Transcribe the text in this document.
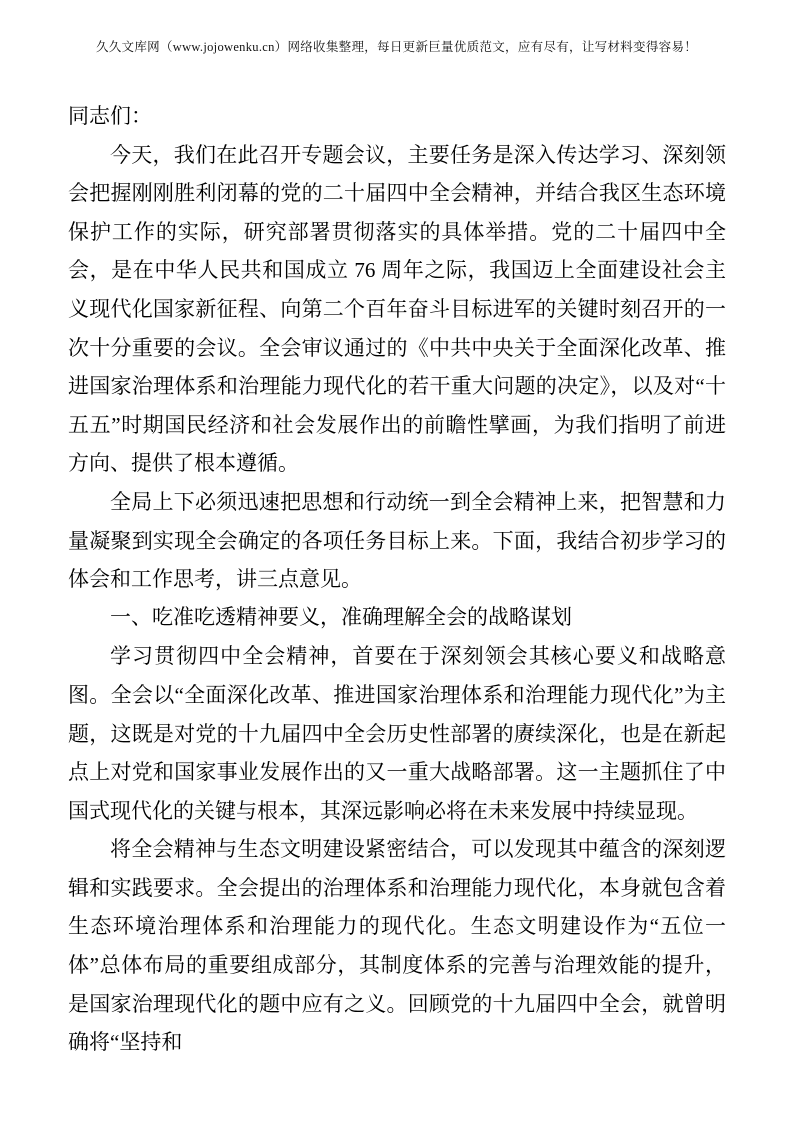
久久文库网（www.jojowenku.cn）网络收集整理，每日更新巨量优质范文，应有尽有，让写材料变得容易！

同志们：

今天，我们在此召开专题会议，主要任务是深入传达学习、深刻领会把握刚刚胜利闭幕的党的二十届四中全会精神，并结合我区生态环境保护工作的实际，研究部署贯彻落实的具体举措。党的二十届四中全会，是在中华人民共和国成立 76 周年之际，我国迈上全面建设社会主义现代化国家新征程、向第二个百年奋斗目标进军的关键时刻召开的一次十分重要的会议。全会审议通过的《中共中央关于全面深化改革、推进国家治理体系和治理能力现代化的若干重大问题的决定》，以及对“十五五”时期国民经济和社会发展作出的前瞻性擘画，为我们指明了前进方向、提供了根本遵循。

全局上下必须迅速把思想和行动统一到全会精神上来，把智慧和力量凝聚到实现全会确定的各项任务目标上来。下面，我结合初步学习的体会和工作思考，讲三点意见。

一、吃准吃透精神要义，准确理解全会的战略谋划

学习贯彻四中全会精神，首要在于深刻领会其核心要义和战略意图。全会以“全面深化改革、推进国家治理体系和治理能力现代化”为主题，这既是对党的十九届四中全会历史性部署的赓续深化，也是在新起点上对党和国家事业发展作出的又一重大战略部署。这一主题抓住了中国式现代化的关键与根本，其深远影响必将在未来发展中持续显现。

将全会精神与生态文明建设紧密结合，可以发现其中蕴含的深刻逻辑和实践要求。全会提出的治理体系和治理能力现代化，本身就包含着生态环境治理体系和治理能力的现代化。生态文明建设作为“五位一体”总体布局的重要组成部分，其制度体系的完善与治理效能的提升，是国家治理现代化的题中应有之义。回顾党的十九届四中全会，就曾明确将“坚持和
